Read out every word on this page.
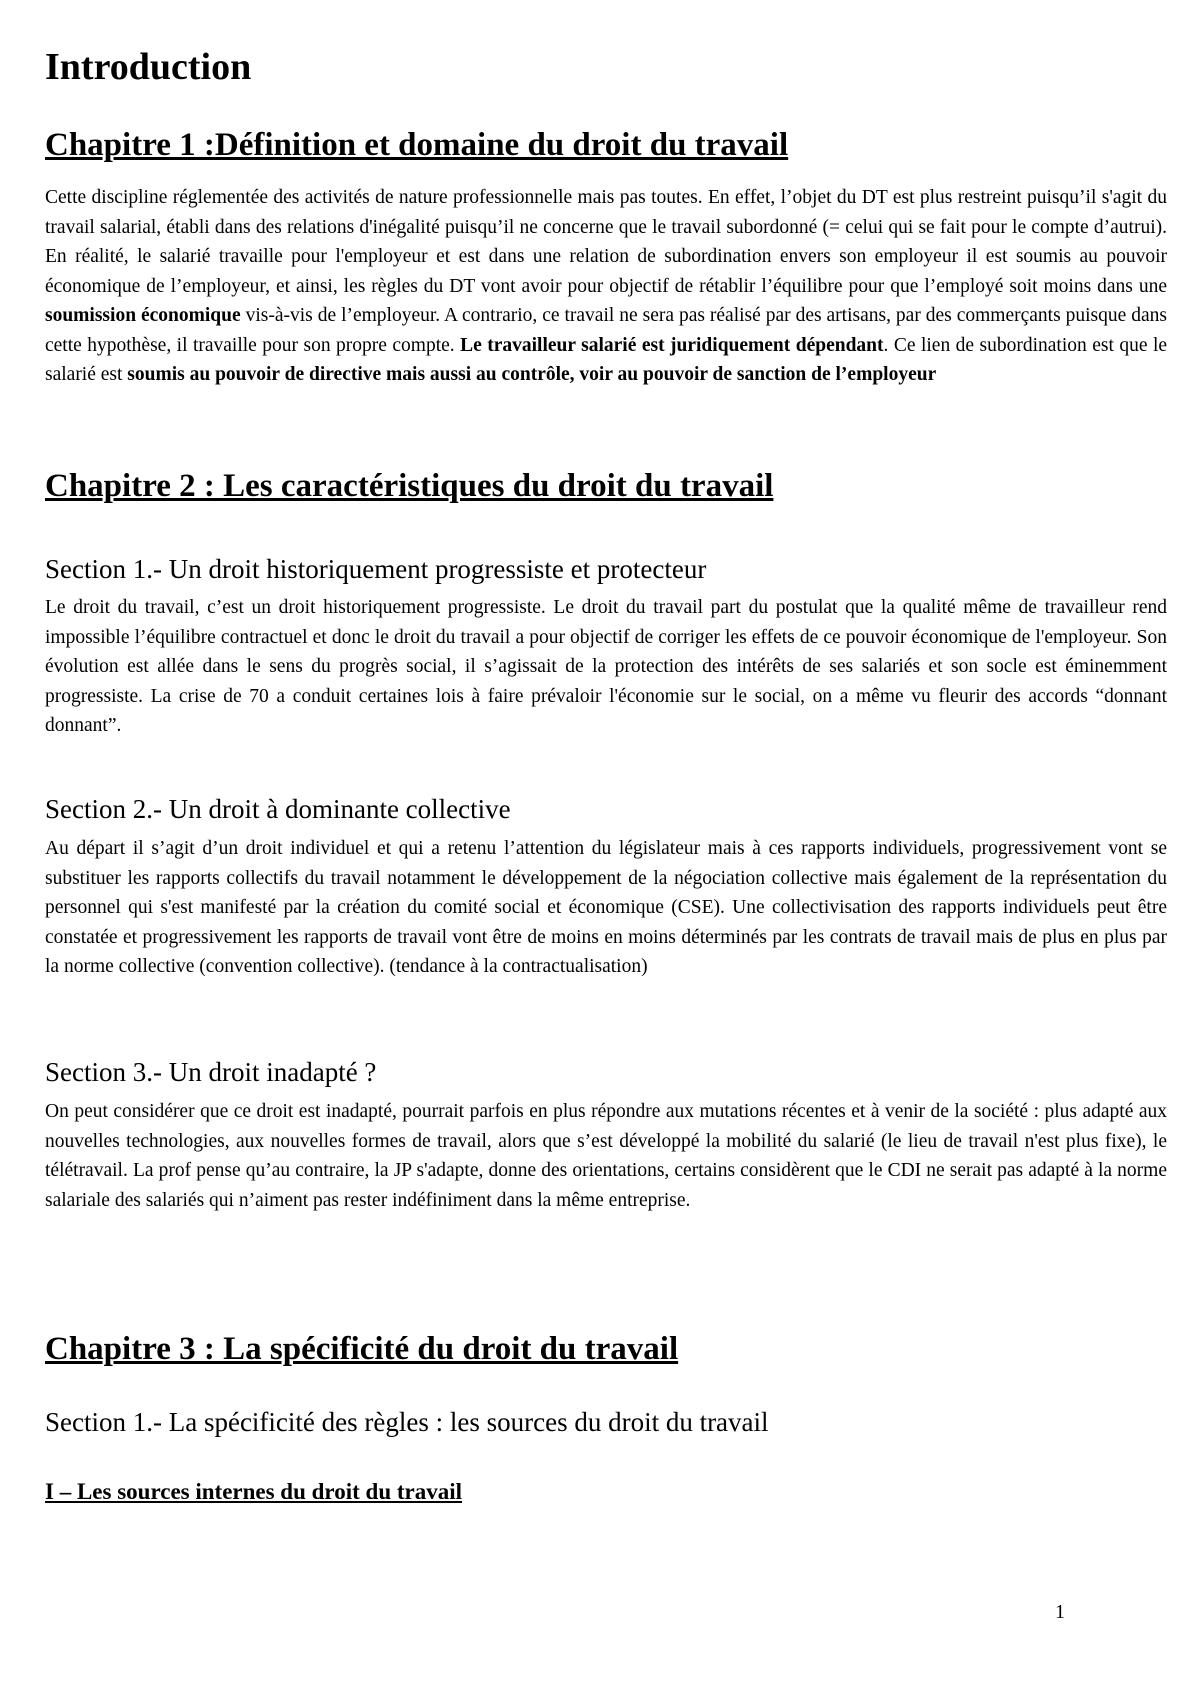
Introduction
Chapitre 1 :Définition et domaine du droit du travail

Cette discipline réglementée des activités de nature professionnelle mais pas toutes. En effet, l’objet du DT est plus restreint puisqu’il s'agit du travail salarial, établi dans des relations d'inégalité puisqu’il ne concerne que le travail subordonné (= celui qui se fait pour le compte d’autrui). En réalité, le salarié travaille pour l'employeur et est dans une relation de subordination envers son employeur il est soumis au pouvoir économique de l’employeur, et ainsi, les règles du DT vont avoir pour objectif de rétablir l’équilibre pour que l’employé soit moins dans une soumission économique vis-à-vis de l’employeur. A contrario, ce travail ne sera pas réalisé par des artisans, par des commerçants puisque dans cette hypothèse, il travaille pour son propre compte. Le travailleur salarié est juridiquement dépendant. Ce lien de subordination est que le salarié est soumis au pouvoir de directive mais aussi au contrôle, voir au pouvoir de sanction de l’employeur

Chapitre 2 : Les caractéristiques du droit du travail
Section 1.- Un droit historiquement progressiste et protecteur

Le droit du travail, c’est un droit historiquement progressiste. Le droit du travail part du postulat que la qualité même de travailleur rend impossible l’équilibre contractuel et donc le droit du travail a pour objectif de corriger les effets de ce pouvoir économique de l'employeur. Son évolution est allée dans le sens du progrès social, il s’agissait de la protection des intérêts de ses salariés et son socle est éminemment progressiste. La crise de 70 a conduit certaines lois à faire prévaloir l'économie sur le social, on a même vu fleurir des accords “donnant donnant”.

Section 2.- Un droit à dominante collective

Au départ il s’agit d’un droit individuel et qui a retenu l’attention du législateur mais à ces rapports individuels, progressivement vont se substituer les rapports collectifs du travail notamment le développement de la négociation collective mais également de la représentation du personnel qui s'est manifesté par la création du comité social et économique (CSE). Une collectivisation des rapports individuels peut être constatée et progressivement les rapports de travail vont être de moins en moins déterminés par les contrats de travail mais de plus en plus par la norme collective (convention collective). (tendance à la contractualisation)

Section 3.- Un droit inadapté ?

On peut considérer que ce droit est inadapté, pourrait parfois en plus répondre aux mutations récentes et à venir de la société : plus adapté aux nouvelles technologies, aux nouvelles formes de travail, alors que s’est développé la mobilité du salarié (le lieu de travail n'est plus fixe), le télétravail. La prof pense qu’au contraire, la JP s'adapte, donne des orientations, certains considèrent que le CDI ne serait pas adapté à la norme salariale des salariés qui n’aiment pas rester indéfiniment dans la même entreprise.

Chapitre 3 : La spécificité du droit du travail
Section 1.- La spécificité des règles : les sources du droit du travail
I – Les sources internes du droit du travail
1
